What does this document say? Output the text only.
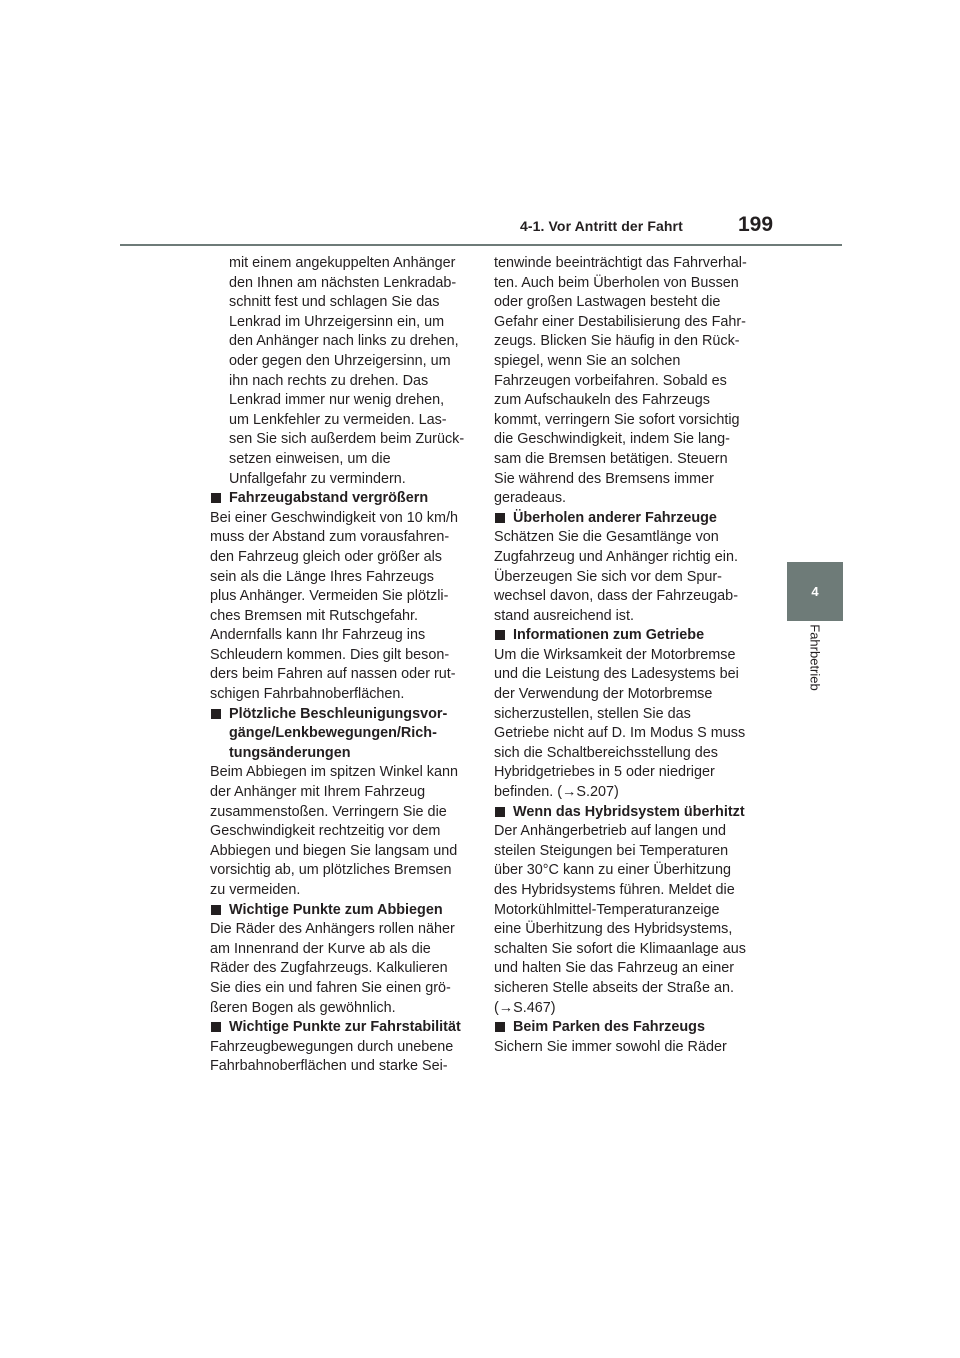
4-1. Vor Antritt der Fahrt	199
4
Fahrbetrieb

mit einem angekuppelten Anhänger
den Ihnen am nächsten Lenkradab-
schnitt fest und schlagen Sie das
Lenkrad im Uhrzeigersinn ein, um
den Anhänger nach links zu drehen,
oder gegen den Uhrzeigersinn, um
ihn nach rechts zu drehen. Das
Lenkrad immer nur wenig drehen,
um Lenkfehler zu vermeiden. Las-
sen Sie sich außerdem beim Zurück-
setzen einweisen, um die
Unfallgefahr zu vermindern.

Fahrzeugabstand vergrößern

Bei einer Geschwindigkeit von 10 km/h
muss der Abstand zum vorausfahren-
den Fahrzeug gleich oder größer als
sein als die Länge Ihres Fahrzeugs
plus Anhänger. Vermeiden Sie plötzli-
ches Bremsen mit Rutschgefahr.
Andernfalls kann Ihr Fahrzeug ins
Schleudern kommen. Dies gilt beson-
ders beim Fahren auf nassen oder rut-
schigen Fahrbahnoberflächen.

Plötzliche Beschleunigungsvor-
gänge/Lenkbewegungen/Rich-
tungsänderungen

Beim Abbiegen im spitzen Winkel kann
der Anhänger mit Ihrem Fahrzeug
zusammenstoßen. Verringern Sie die
Geschwindigkeit rechtzeitig vor dem
Abbiegen und biegen Sie langsam und
vorsichtig ab, um plötzliches Bremsen
zu vermeiden.

Wichtige Punkte zum Abbiegen

Die Räder des Anhängers rollen näher
am Innenrand der Kurve ab als die
Räder des Zugfahrzeugs. Kalkulieren
Sie dies ein und fahren Sie einen grö-
ßeren Bogen als gewöhnlich.

Wichtige Punkte zur Fahrstabilität

Fahrzeugbewegungen durch unebene
Fahrbahnoberflächen und starke Sei-

tenwinde beeinträchtigt das Fahrverhal-
ten. Auch beim Überholen von Bussen
oder großen Lastwagen besteht die
Gefahr einer Destabilisierung des Fahr-
zeugs. Blicken Sie häufig in den Rück-
spiegel, wenn Sie an solchen
Fahrzeugen vorbeifahren. Sobald es
zum Aufschaukeln des Fahrzeugs
kommt, verringern Sie sofort vorsichtig
die Geschwindigkeit, indem Sie lang-
sam die Bremsen betätigen. Steuern
Sie während des Bremsens immer
geradeaus.

Überholen anderer Fahrzeuge

Schätzen Sie die Gesamtlänge von
Zugfahrzeug und Anhänger richtig ein.
Überzeugen Sie sich vor dem Spur-
wechsel davon, dass der Fahrzeugab-
stand ausreichend ist.

Informationen zum Getriebe

Um die Wirksamkeit der Motorbremse
und die Leistung des Ladesystems bei
der Verwendung der Motorbremse
sicherzustellen, stellen Sie das
Getriebe nicht auf D. Im Modus S muss
sich die Schaltbereichsstellung des
Hybridgetriebes in 5 oder niedriger
befinden. (→S.207)

Wenn das Hybridsystem überhitzt

Der Anhängerbetrieb auf langen und
steilen Steigungen bei Temperaturen
über 30°C kann zu einer Überhitzung
des Hybridsystems führen. Meldet die
Motorkühlmittel-Temperaturanzeige
eine Überhitzung des Hybridsystems,
schalten Sie sofort die Klimaanlage aus
und halten Sie das Fahrzeug an einer
sicheren Stelle abseits der Straße an.
(→S.467)

Beim Parken des Fahrzeugs

Sichern Sie immer sowohl die Räder
